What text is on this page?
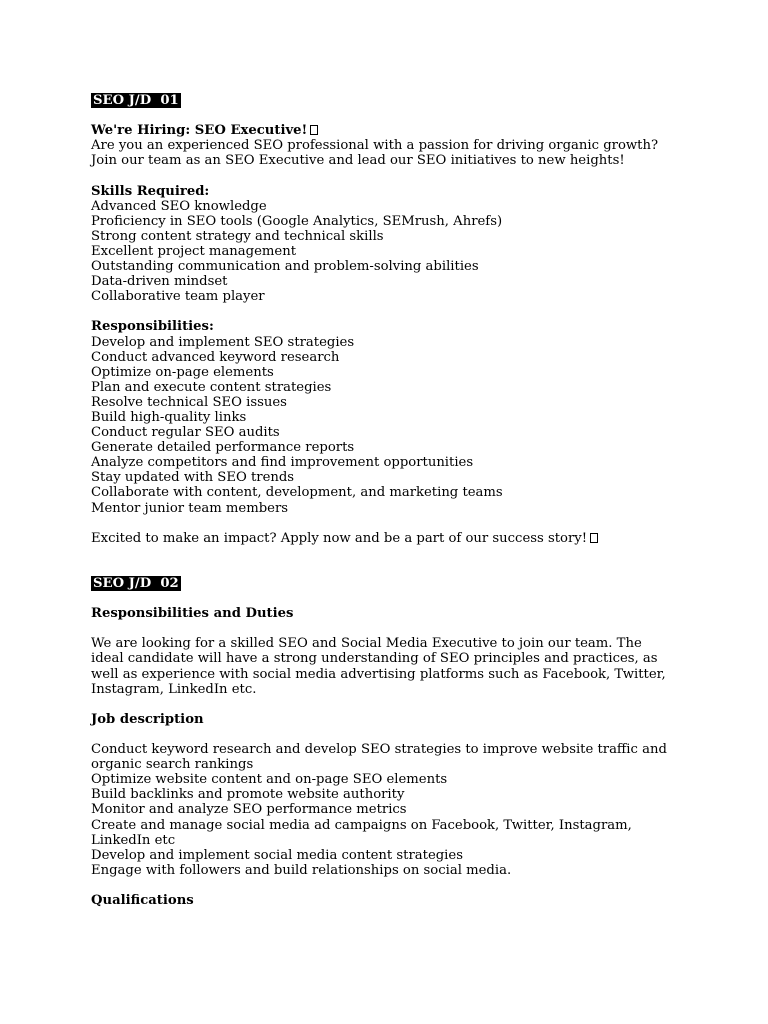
SEO J/D  01
We're Hiring: SEO Executive!
Are you an experienced SEO professional with a passion for driving organic growth? Join our team as an SEO Executive and lead our SEO initiatives to new heights!
Skills Required:
Advanced SEO knowledge
Proficiency in SEO tools (Google Analytics, SEMrush, Ahrefs)
Strong content strategy and technical skills
Excellent project management
Outstanding communication and problem-solving abilities
Data-driven mindset
Collaborative team player
Responsibilities:
Develop and implement SEO strategies
Conduct advanced keyword research
Optimize on-page elements
Plan and execute content strategies
Resolve technical SEO issues
Build high-quality links
Conduct regular SEO audits
Generate detailed performance reports
Analyze competitors and find improvement opportunities
Stay updated with SEO trends
Collaborate with content, development, and marketing teams
Mentor junior team members
Excited to make an impact? Apply now and be a part of our success story!
SEO J/D  02
Responsibilities and Duties
We are looking for a skilled SEO and Social Media Executive to join our team. The ideal candidate will have a strong understanding of SEO principles and practices, as well as experience with social media advertising platforms such as Facebook, Twitter, Instagram, LinkedIn etc.
Job description
Conduct keyword research and develop SEO strategies to improve website traffic and organic search rankings
Optimize website content and on-page SEO elements
Build backlinks and promote website authority
Monitor and analyze SEO performance metrics
Create and manage social media ad campaigns on Facebook, Twitter, Instagram, LinkedIn etc
Develop and implement social media content strategies
Engage with followers and build relationships on social media.
Qualifications
